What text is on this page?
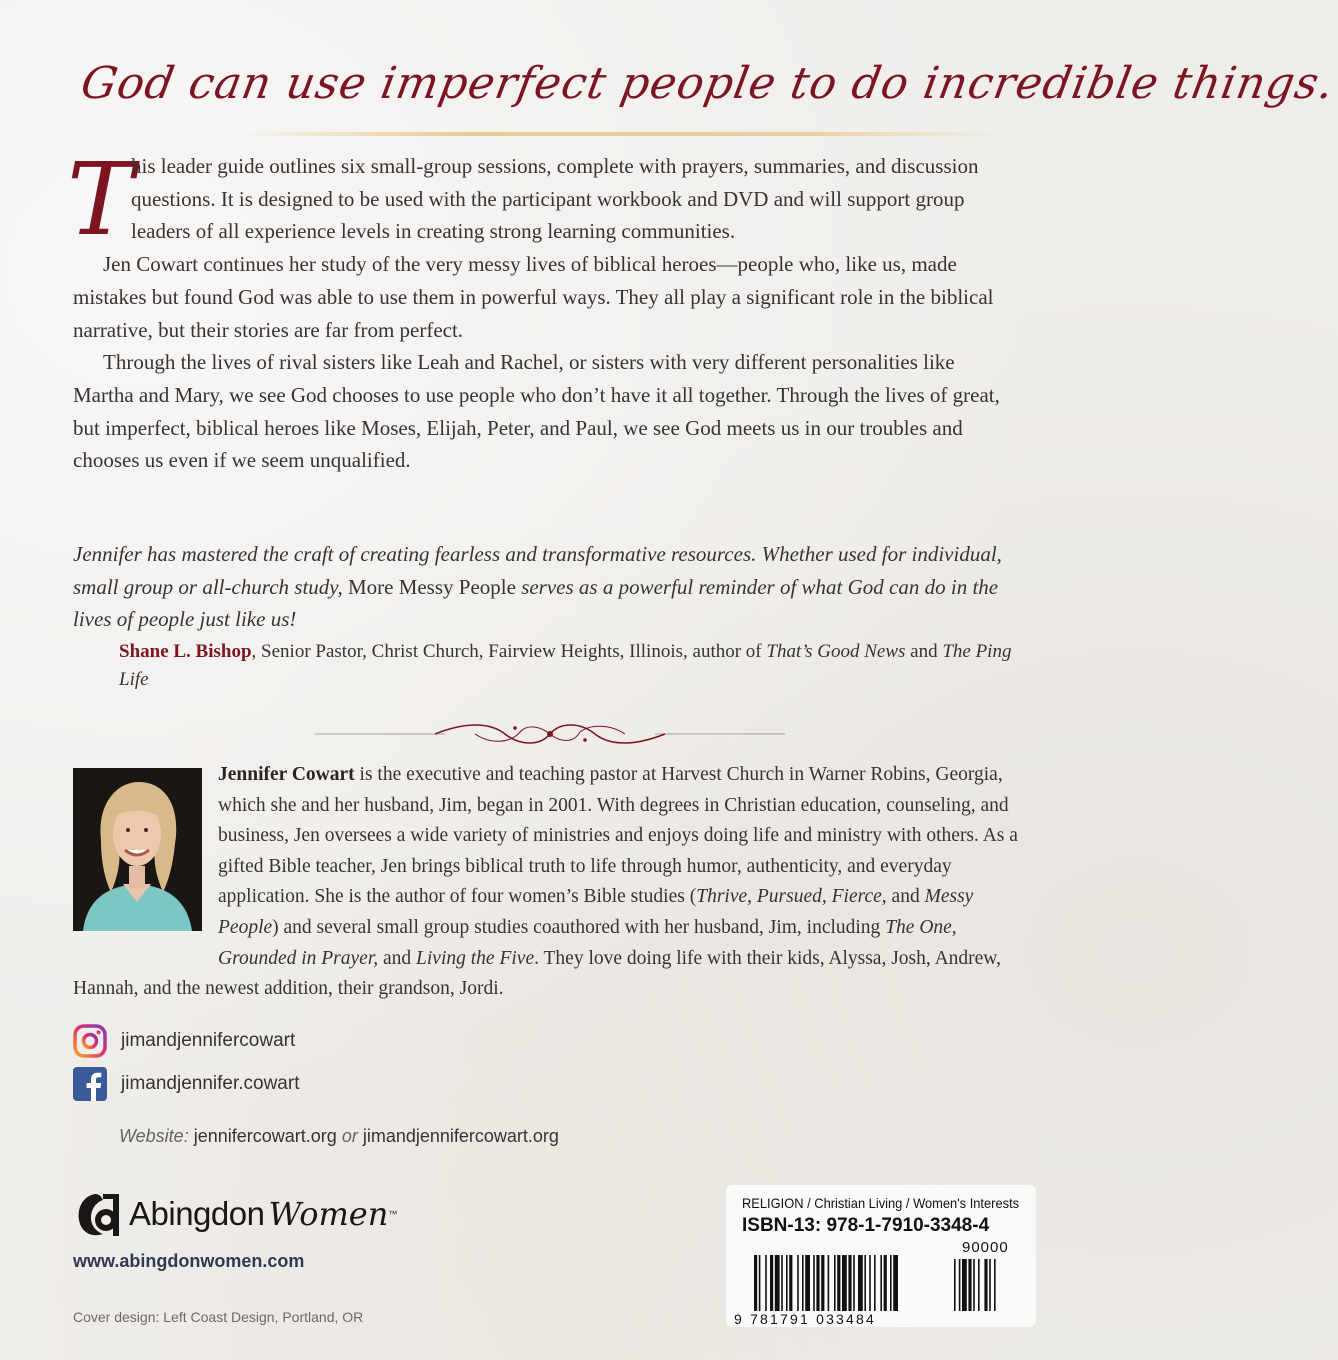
God can use imperfect people to do incredible things.

T
his leader guide outlines six small-group sessions, complete with prayers, summaries, and discussion questions. It is designed to be used with the participant workbook and DVD and will support group leaders of all experience levels in creating strong learning communities.

Jen Cowart continues her study of the very messy lives of biblical heroes—people who, like us, made mistakes but found God was able to use them in powerful ways. They all play a significant role in the biblical narrative, but their stories are far from perfect.

Through the lives of rival sisters like Leah and Rachel, or sisters with very different personalities like Martha and Mary, we see God chooses to use people who don’t have it all together. Through the lives of great, but imperfect, biblical heroes like Moses, Elijah, Peter, and Paul, we see God meets us in our troubles and chooses us even if we seem unqualified.

Jennifer has mastered the craft of creating fearless and transformative resources. Whether used for individual, small group or all-church study, More Messy People serves as a powerful reminder of what God can do in the lives of people just like us!
Shane L. Bishop, Senior Pastor, Christ Church, Fairview Heights, Illinois, author of That’s Good News and The Ping Life
Jennifer Cowart is the executive and teaching pastor at Harvest Church in Warner Robins, Georgia, which she and her husband, Jim, began in 2001. With degrees in Christian education, counseling, and business, Jen oversees a wide variety of ministries and enjoys doing life and ministry with others. As a gifted Bible teacher, Jen brings biblical truth to life through humor, authenticity, and everyday application. She is the author of four women’s Bible studies (Thrive, Pursued, Fierce, and Messy People) and several small group studies coauthored with her husband, Jim, including The One, Grounded in Prayer, and Living the Five. They love doing life with their kids, Alyssa, Josh, Andrew, Hannah, and the newest addition, their grandson, Jordi.
jimandjennifercowart
jimandjennifer.cowart
Website: jennifercowart.org or jimandjennifercowart.org
Abingdon Women ™
www.abingdonwomen.com
Cover design: Left Coast Design, Portland, OR
RELIGION / Christian Living / Women's Interests
ISBN-13: 978-1-7910-3348-4
90000
9 781791 033484
